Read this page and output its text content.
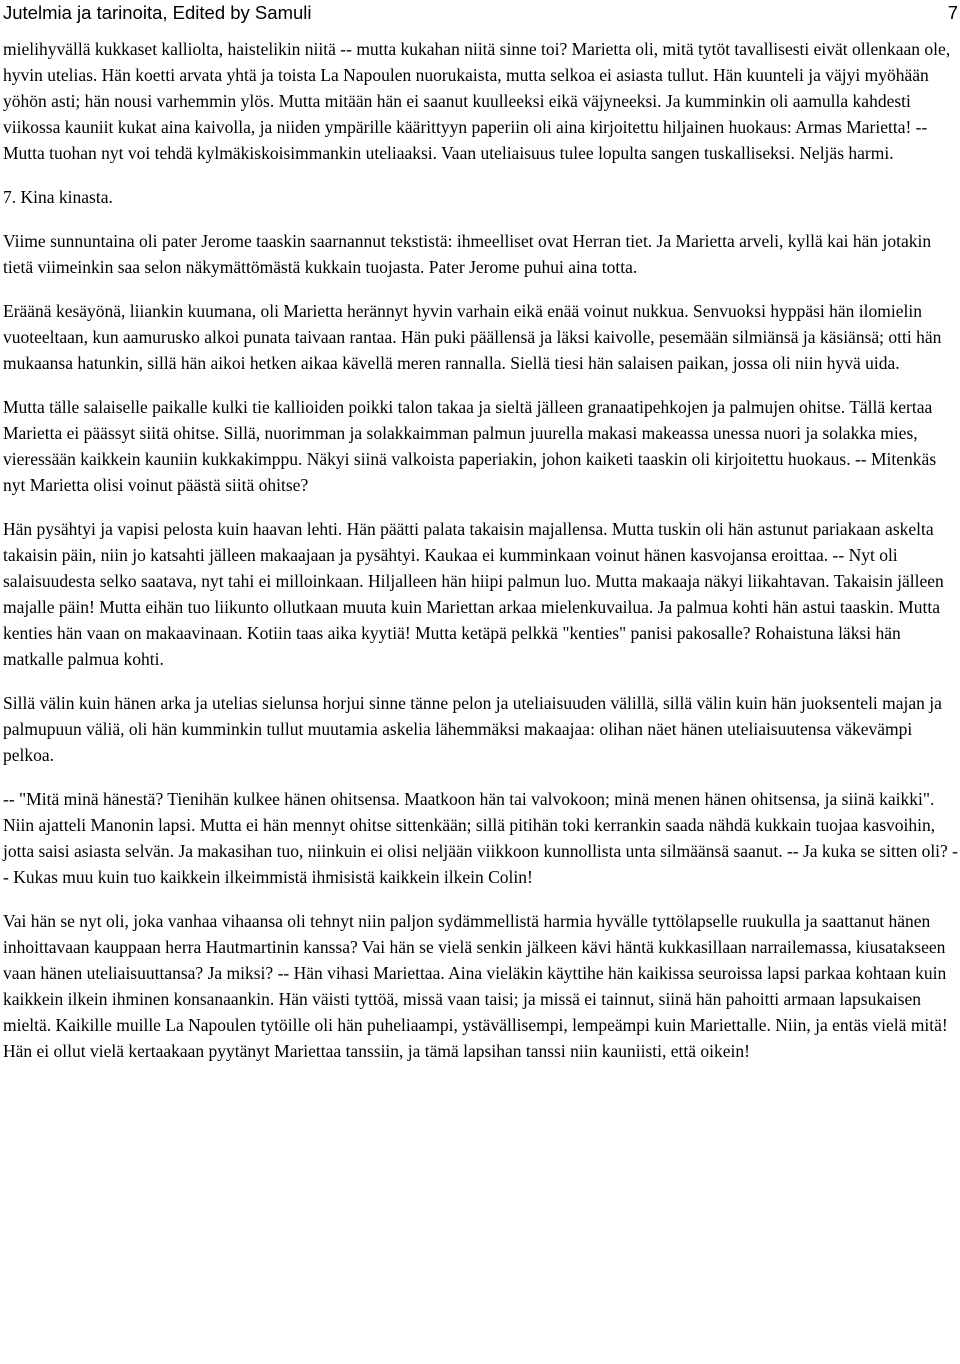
Jutelmia ja tarinoita, Edited by Samuli	7

mielihyvällä kukkaset kalliolta, haistelikin niitä -- mutta kukahan niitä sinne toi? Marietta oli, mitä tytöt tavallisesti eivät ollenkaan ole, hyvin utelias. Hän koetti arvata yhtä ja toista La Napoulen nuorukaista, mutta selkoa ei asiasta tullut. Hän kuunteli ja väjyi myöhään yöhön asti; hän nousi varhemmin ylös. Mutta mitään hän ei saanut kuulleeksi eikä väjyneeksi. Ja kumminkin oli aamulla kahdesti viikossa kauniit kukat aina kaivolla, ja niiden ympärille käärittyyn paperiin oli aina kirjoitettu hiljainen huokaus: Armas Marietta! -- Mutta tuohan nyt voi tehdä kylmäkiskoisimmankin uteliaaksi. Vaan uteliaisuus tulee lopulta sangen tuskalliseksi. Neljäs harmi.

7. Kina kinasta.

Viime sunnuntaina oli pater Jerome taaskin saarnannut tekstistä: ihmeelliset ovat Herran tiet. Ja Marietta arveli, kyllä kai hän jotakin tietä viimeinkin saa selon näkymättömästä kukkain tuojasta. Pater Jerome puhui aina totta.

Eräänä kesäyönä, liiankin kuumana, oli Marietta herännyt hyvin varhain eikä enää voinut nukkua. Senvuoksi hyppäsi hän ilomielin vuoteeltaan, kun aamurusko alkoi punata taivaan rantaa. Hän puki päällensä ja läksi kaivolle, pesemään silmiänsä ja käsiänsä; otti hän mukaansa hatunkin, sillä hän aikoi hetken aikaa kävellä meren rannalla. Siellä tiesi hän salaisen paikan, jossa oli niin hyvä uida.

Mutta tälle salaiselle paikalle kulki tie kallioiden poikki talon takaa ja sieltä jälleen granaatipehkojen ja palmujen ohitse. Tällä kertaa Marietta ei päässyt siitä ohitse. Sillä, nuorimman ja solakkaimman palmun juurella makasi makeassa unessa nuori ja solakka mies, vieressään kaikkein kauniin kukkakimppu. Näkyi siinä valkoista paperiakin, johon kaiketi taaskin oli kirjoitettu huokaus. -- Mitenkäs nyt Marietta olisi voinut päästä siitä ohitse?

Hän pysähtyi ja vapisi pelosta kuin haavan lehti. Hän päätti palata takaisin majallensa. Mutta tuskin oli hän astunut pariakaan askelta takaisin päin, niin jo katsahti jälleen makaajaan ja pysähtyi. Kaukaa ei kumminkaan voinut hänen kasvojansa eroittaa. -- Nyt oli salaisuudesta selko saatava, nyt tahi ei milloinkaan. Hiljalleen hän hiipi palmun luo. Mutta makaaja näkyi liikahtavan. Takaisin jälleen majalle päin! Mutta eihän tuo liikunto ollutkaan muuta kuin Mariettan arkaa mielenkuvailua. Ja palmua kohti hän astui taaskin. Mutta kenties hän vaan on makaavinaan. Kotiin taas aika kyytiä! Mutta ketäpä pelkkä "kenties" panisi pakosalle? Rohaistuna läksi hän matkalle palmua kohti.

Sillä välin kuin hänen arka ja utelias sielunsa horjui sinne tänne pelon ja uteliaisuuden välillä, sillä välin kuin hän juoksenteli majan ja palmupuun väliä, oli hän kumminkin tullut muutamia askelia lähemmäksi makaajaa: olihan näet hänen uteliaisuutensa väkevämpi pelkoa.

-- "Mitä minä hänestä? Tienihän kulkee hänen ohitsensa. Maatkoon hän tai valvokoon; minä menen hänen ohitsensa, ja siinä kaikki". Niin ajatteli Manonin lapsi. Mutta ei hän mennyt ohitse sittenkään; sillä pitihän toki kerrankin saada nähdä kukkain tuojaa kasvoihin, jotta saisi asiasta selvän. Ja makasihan tuo, niinkuin ei olisi neljään viikkoon kunnollista unta silmäänsä saanut. -- Ja kuka se sitten oli? -- Kukas muu kuin tuo kaikkein ilkeimmistä ihmisistä kaikkein ilkein Colin!

Vai hän se nyt oli, joka vanhaa vihaansa oli tehnyt niin paljon sydämmellistä harmia hyvälle tyttölapselle ruukulla ja saattanut hänen inhoittavaan kauppaan herra Hautmartinin kanssa? Vai hän se vielä senkin jälkeen kävi häntä kukkasillaan narrailemassa, kiusatakseen vaan hänen uteliaisuuttansa? Ja miksi? -- Hän vihasi Mariettaa. Aina vieläkin käyttihe hän kaikissa seuroissa lapsi parkaa kohtaan kuin kaikkein ilkein ihminen konsanaankin. Hän väisti tyttöä, missä vaan taisi; ja missä ei tainnut, siinä hän pahoitti armaan lapsukaisen mieltä. Kaikille muille La Napoulen tytöille oli hän puheliaampi, ystävällisempi, lempeämpi kuin Mariettalle. Niin, ja entäs vielä mitä! Hän ei ollut vielä kertaakaan pyytänyt Mariettaa tanssiin, ja tämä lapsihan tanssi niin kauniisti, että oikein!
